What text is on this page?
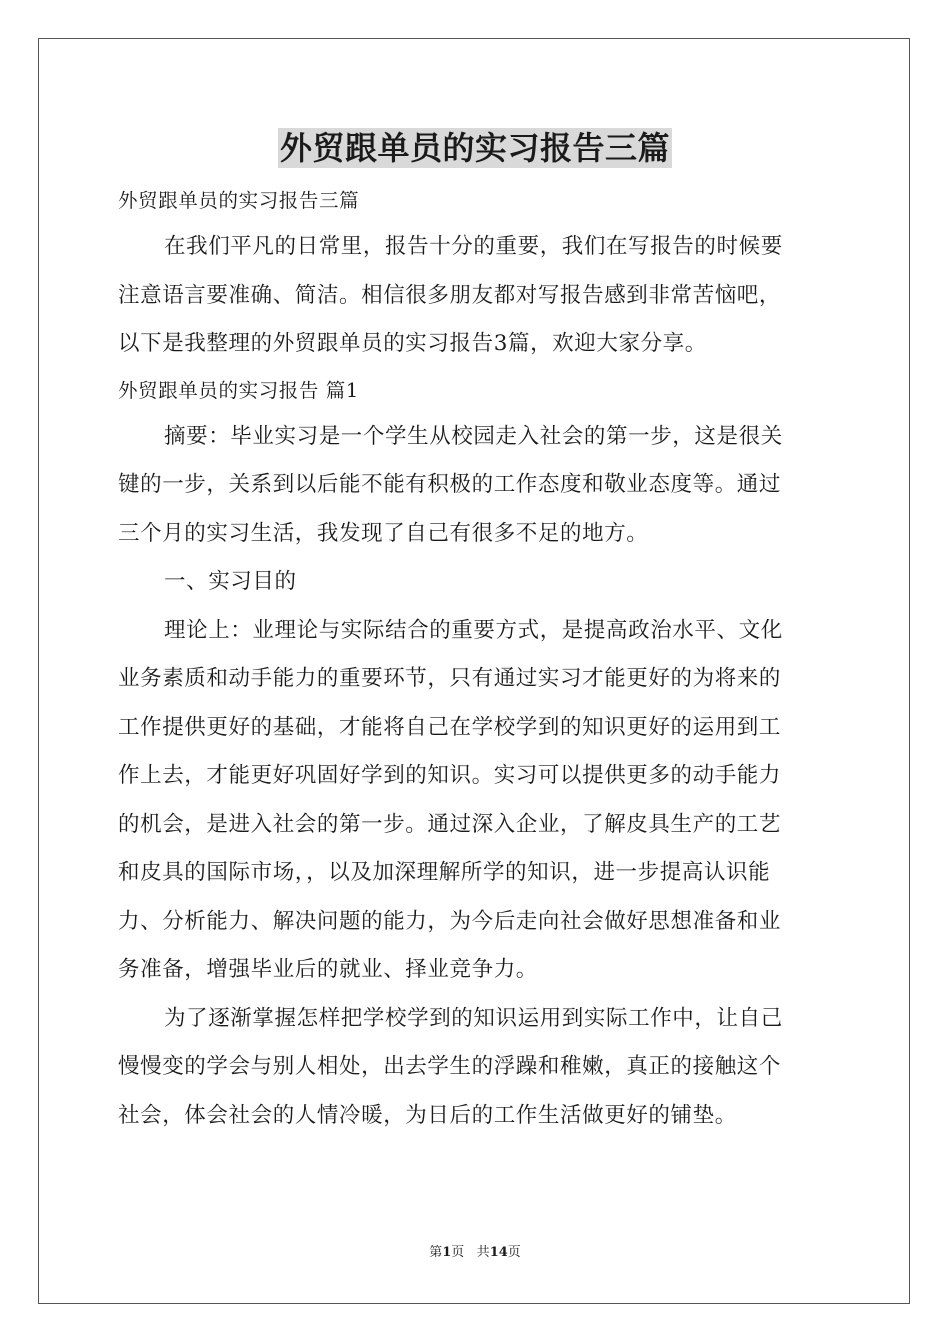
外贸跟单员的实习报告三篇
外贸跟单员的实习报告三篇
在我们平凡的日常里，报告十分的重要，我们在写报告的时候要
注意语言要准确、简洁。相信很多朋友都对写报告感到非常苦恼吧，
以下是我整理的外贸跟单员的实习报告3篇，欢迎大家分享。
外贸跟单员的实习报告 篇1
摘要：毕业实习是一个学生从校园走入社会的第一步，这是很关
键的一步，关系到以后能不能有积极的工作态度和敬业态度等。通过
三个月的实习生活，我发现了自己有很多不足的地方。
一、实习目的
理论上：业理论与实际结合的重要方式，是提高政治水平、文化
业务素质和动手能力的重要环节，只有通过实习才能更好的为将来的
工作提供更好的基础，才能将自己在学校学到的知识更好的运用到工
作上去，才能更好巩固好学到的知识。实习可以提供更多的动手能力
的机会，是进入社会的第一步。通过深入企业，了解皮具生产的工艺
和皮具的国际市场，，以及加深理解所学的知识，进一步提高认识能
力、分析能力、解决问题的能力，为今后走向社会做好思想准备和业
务准备，增强毕业后的就业、择业竞争力。
为了逐渐掌握怎样把学校学到的知识运用到实际工作中，让自己
慢慢变的学会与别人相处，出去学生的浮躁和稚嫩，真正的接触这个
社会，体会社会的人情冷暖，为日后的工作生活做更好的铺垫。
第1页 共14页
